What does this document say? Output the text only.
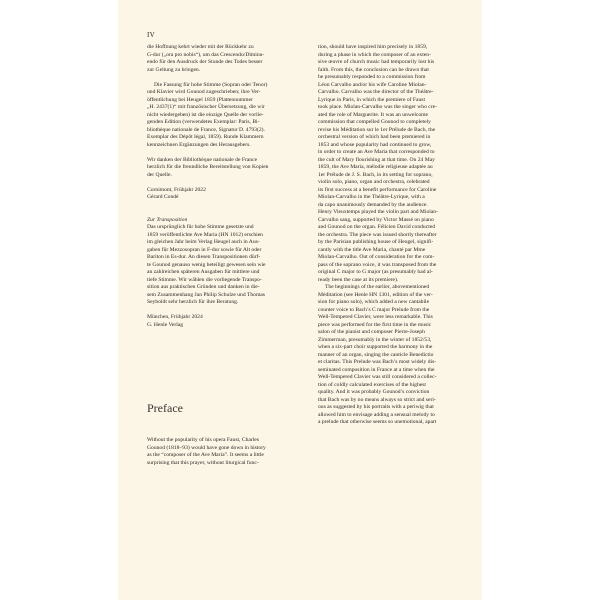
IV

die Hoffnung kehrt wieder mit der Rückkehr zu
G-dur („ora pro nobis“), um das Crescendo/Diminu-
endo für den Ausdruck der Stunde des Todes besser
zur Geltung zu bringen.

Die Fassung für hohe Stimme (Sopran oder Tenor)
und Klavier wird Gounod zugeschrieben; ihre Ver-
öffentlichung bei Heugel 1859 (Plattennummer
„H. 2437(1)“ mit französischer Übersetzung, die wir
nicht wiedergeben) ist die einzige Quelle der vorlie-
genden Edition (verwendetes Exemplar: Paris, Bi-
bliothèque nationale de France, Signatur D. 4793(2).
Exemplar des Dépôt légal, 1859). Runde Klammern
kennzeichnen Ergänzungen des Herausgebers.

Wir danken der Bibliothèque nationale de France
herzlich für die freundliche Bereitstellung von Kopien
der Quelle.

Cornimont, Frühjahr 2022
Gérard Condé

Zur Transposition

Das ursprünglich für hohe Stimme gesetzte und
1859 veröffentlichte Ave Maria (HN 1012) erschien
im gleichen Jahr beim Verlag Heugel auch in Aus-
gaben für Mezzosopran in F-dur sowie für Alt oder
Bariton in Es-dur. An diesen Transpositionen dürf-
te Gounod genauso wenig beteiligt gewesen sein wie
an zahlreichen späteren Ausgaben für mittlere und
tiefe Stimme. Wir wählen die vorliegende Transpo-
sition aus praktischen Gründen und danken in die-
sem Zusammenhang Jan Philip Schulze und Thomas
Seyboldt sehr herzlich für ihre Beratung.

München, Frühjahr 2024
G. Henle Verlag

Preface

Without the popularity of his opera Faust, Charles
Gounod (1818–93) would have gone down in history
as the “composer of the Ave Maria”. It seems a little
surprising that this prayer, without liturgical func-

tion, should have inspired him precisely in 1859,
during a phase in which the composer of an exten-
sive œuvre of church music had temporarily lost his
faith. From this, the conclusion can be drawn that
he presumably responded to a commission from
Léon Carvalho and/or his wife Caroline Miolan-
Carvalho. Carvalho was the director of the Théâtre-
Lyrique in Paris, in which the premiere of Faust
took place. Miolan-Carvalho was the singer who cre-
ated the role of Marguerite. It was an unwelcome
commission that compelled Gounod to completely
revise his Méditation sur le 1er Prélude de Bach, the
orchestral version of which had been premiered in
1853 and whose popularity had continued to grow,
in order to create an Ave Maria that corresponded to
the cult of Mary flourishing at that time. On 24 May
1859, the Ave Maria, mélodie religieuse adaptée au
1er Prélude de J. S. Bach, in its setting for soprano,
violin solo, piano, organ and orchestra, celebrated
its first success at a benefit performance for Caroline
Miolan-Carvalho in the Théâtre-Lyrique, with a
da capo unanimously demanded by the audience.
Henry Vieuxtemps played the violin part and Miolan-
Carvalho sang, supported by Victor Massé on piano
and Gounod on the organ. Félicien David conducted
the orchestra. The piece was issued shortly thereafter
by the Parisian publishing house of Heugel, signifi-
cantly with the title Ave Maria, chanté par Mme
Miolan-Carvalho. Out of consideration for the com-
pass of the soprano voice, it was transposed from the
original C major to G major (as presumably had al-
ready been the case at its premiere).

The beginnings of the earlier, abovementioned
Méditation (see Henle HN 1301, edition of the ver-
sion for piano solo), which added a new cantabile
counter voice to Bach’s C major Prelude from the
Well-Tempered Clavier, were less remarkable. This
piece was performed for the first time in the music
salon of the pianist and composer Pierre-Joseph
Zimmerman, presumably in the winter of 1852/53,
when a six-part choir supported the harmony in the
manner of an organ, singing the canticle Benedictio
et claritas. This Prelude was Bach’s most widely dis-
seminated composition in France at a time when the
Well-Tempered Clavier was still considered a collec-
tion of coldly calculated exercises of the highest
quality. And it was probably Gounod’s conviction
that Bach was by no means always so strict and seri-
ous as suggested by his portraits with a periwig that
allowed him to envisage adding a sensual melody to
a prelude that otherwise seems so unemotional, apart
